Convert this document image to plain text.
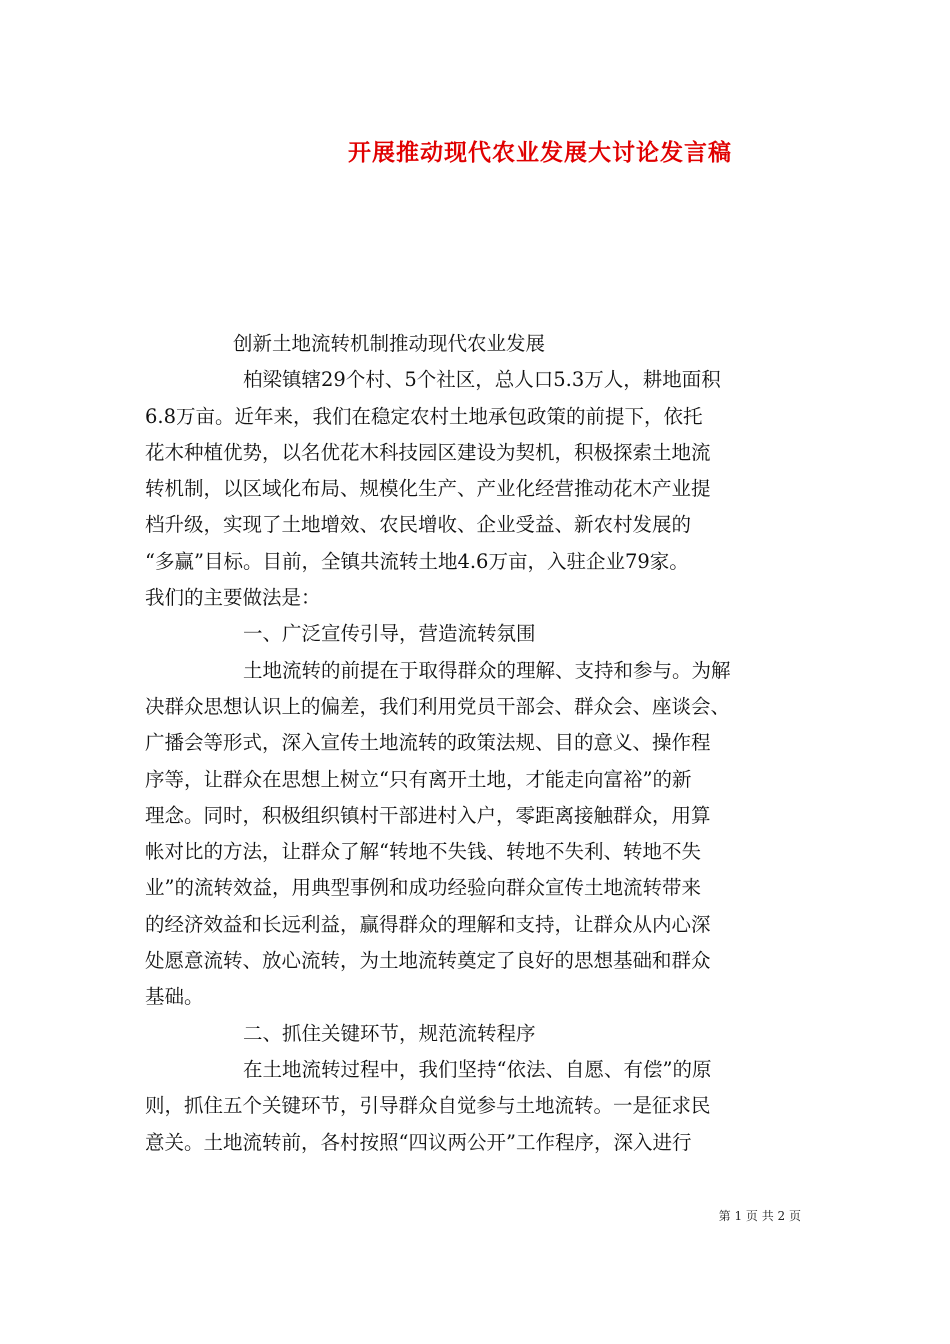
开展推动现代农业发展大讨论发言稿
创新土地流转机制推动现代农业发展
柏梁镇辖29个村、5个社区，总人口5.3万人，耕地面积
6.8万亩。近年来，我们在稳定农村土地承包政策的前提下，依托
花木种植优势，以名优花木科技园区建设为契机，积极探索土地流
转机制，以区域化布局、规模化生产、产业化经营推动花木产业提
档升级，实现了土地增效、农民增收、企业受益、新农村发展的
“多赢”目标。目前，全镇共流转土地4.6万亩，入驻企业79家。
我们的主要做法是：
一、广泛宣传引导，营造流转氛围
土地流转的前提在于取得群众的理解、支持和参与。为解
决群众思想认识上的偏差，我们利用党员干部会、群众会、座谈会、
广播会等形式，深入宣传土地流转的政策法规、目的意义、操作程
序等，让群众在思想上树立“只有离开土地，才能走向富裕”的新
理念。同时，积极组织镇村干部进村入户，零距离接触群众，用算
帐对比的方法，让群众了解“转地不失钱、转地不失利、转地不失
业”的流转效益，用典型事例和成功经验向群众宣传土地流转带来
的经济效益和长远利益，赢得群众的理解和支持，让群众从内心深
处愿意流转、放心流转，为土地流转奠定了良好的思想基础和群众
基础。
二、抓住关键环节，规范流转程序
在土地流转过程中，我们坚持“依法、自愿、有偿”的原
则，抓住五个关键环节，引导群众自觉参与土地流转。一是征求民
意关。土地流转前，各村按照“四议两公开”工作程序，深入进行
第 1 页 共 2 页
